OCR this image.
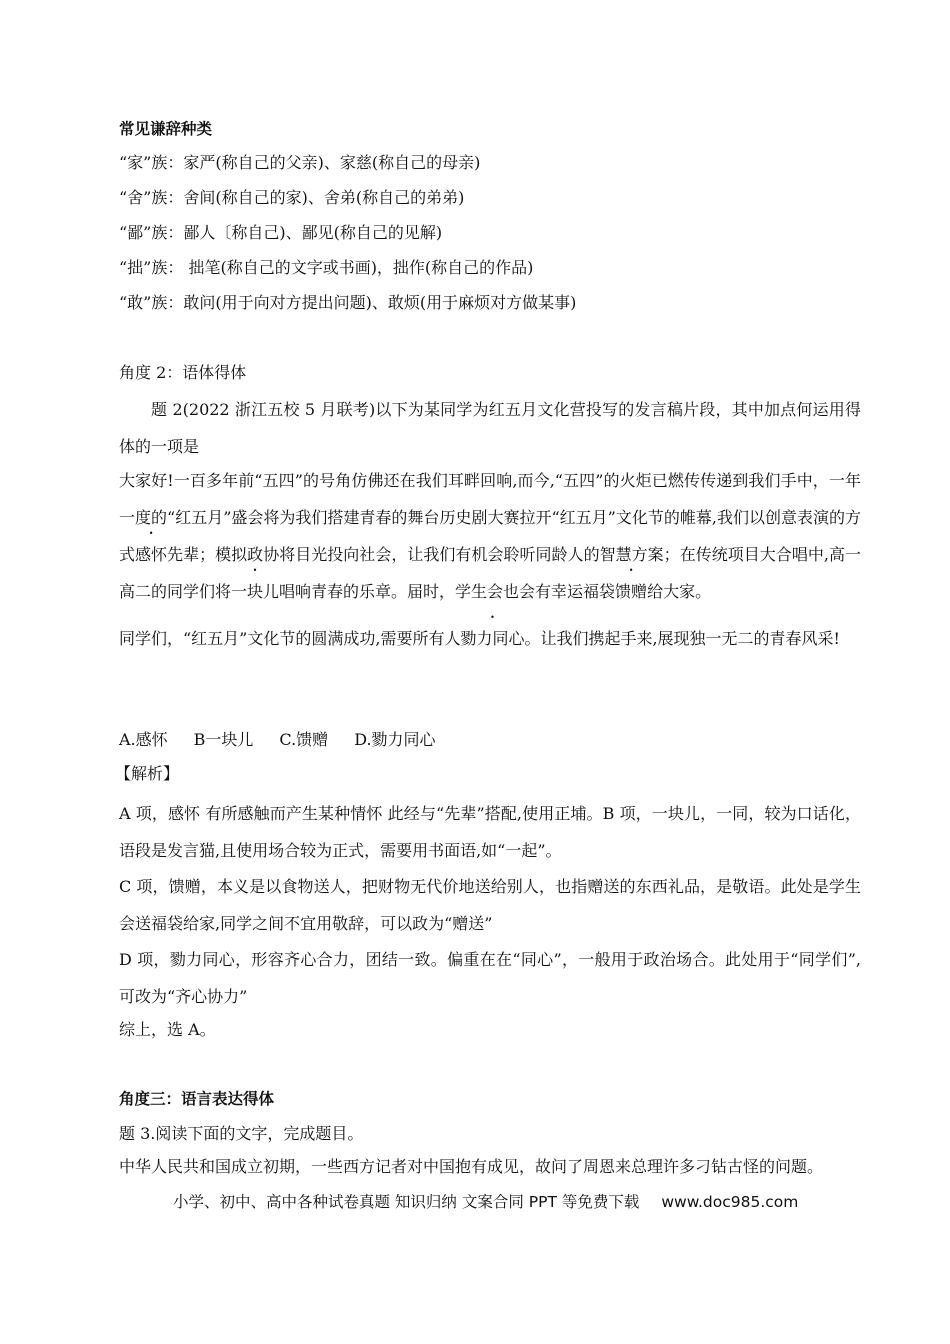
常见谦辞种类
“家”族：家严(称自己的父亲)、家慈(称自己的母亲)
“舍”族：舍间(称自己的家)、舍弟(称自己的弟弟)
“鄙”族：鄙人〔称自己)、鄙见(称自己的见解)
“拙”族： 拙笔(称自己的文字或书画)，拙作(称自己的作品)
“敢”族：敢问(用于向对方提出问题)、敢烦(用于麻烦对方做某事)
角度 2：语体得体
题 2(2022 浙江五校 5 月联考)以下为某同学为红五月文化营投写的发言稿片段，其中加点何运用得体的一项是
大家好!一百多年前“五四”的号角仿佛还在我们耳畔回响,而今,“五四”的火炬已燃传传递到我们手中，一年一度的“红五月”盛会将为我们搭建青春的舞台历史剧大赛拉开“红五月”文化节的帷幕,我们以创意表演的方式感怀先辈；模拟政协将目光投向社会，让我们有机会聆听同龄人的智慧方案；在传统项目大合唱中,高一高二的同学们将一块儿唱响青春的乐章。届时，学生会也会有幸运福袋馈赠给大家。
同学们，“红五月”文化节的圆满成功,需要所有人勠力同心。让我们携起手来,展现独一无二的青春风采!
A.感怀 B一块儿 C.馈赠 D.勠力同心
【解析】
A 项，感怀 有所感触而产生某种情怀 此经与“先辈”搭配,使用正埔。B 项，一块儿，一同，较为口话化，语段是发言猫,且使用场合较为正式，需要用书面语,如“一起”。
C 项，馈赠，本义是以食物送人，把财物无代价地送给别人，也指赠送的东西礼品，是敬语。此处是学生会送福袋给家,同学之间不宜用敬辞，可以政为“赠送”
D 项，勠力同心，形容齐心合力，团结一致。偏重在在“同心”，一般用于政治场合。此处用于“同学们”,可改为“齐心协力”
综上，选 A。
角度三：语言表达得体
题 3.阅读下面的文字，完成题目。
中华人民共和国成立初期，一些西方记者对中国抱有成见，故问了周恩来总理许多刁钻古怪的问题。
小学、初中、高中各种试卷真题 知识归纳 文案合同 PPT 等免费下载 www.doc985.com
